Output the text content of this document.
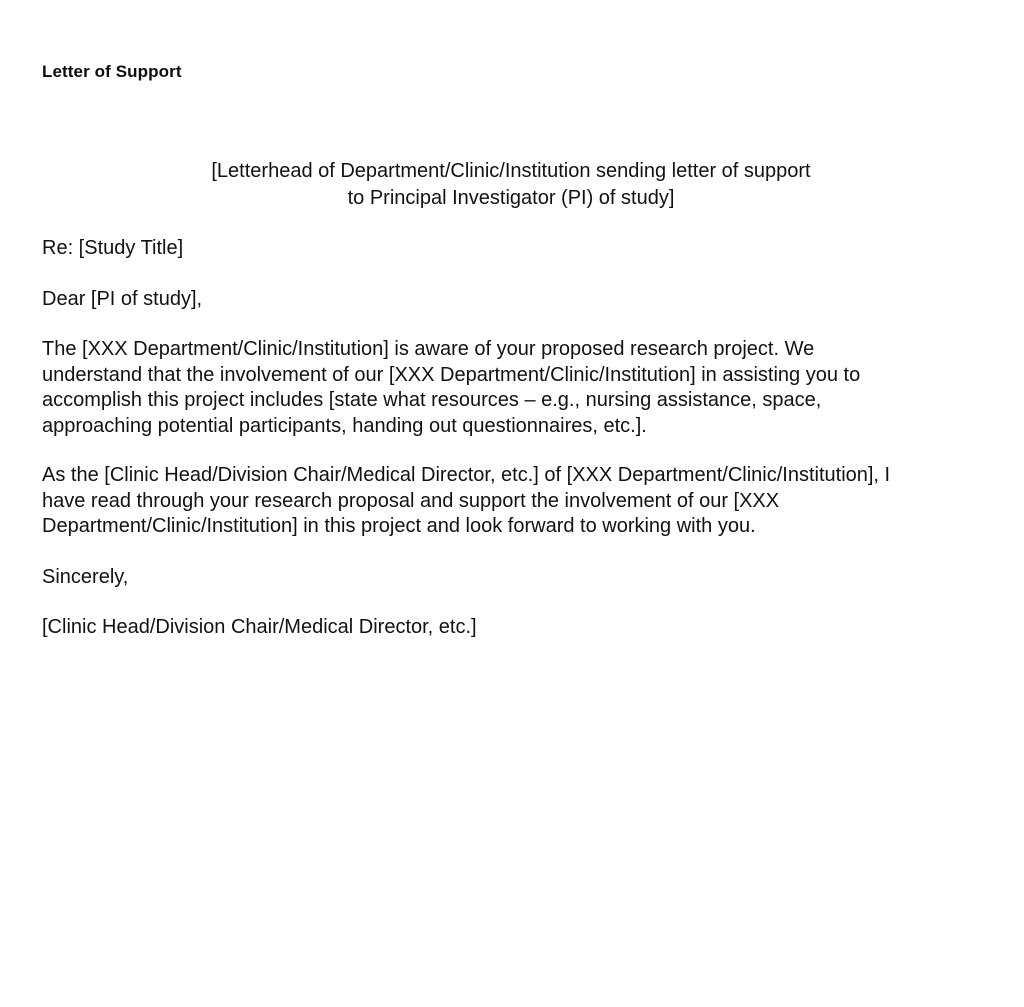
Letter of Support
[Letterhead of Department/Clinic/Institution sending letter of support
to Principal Investigator (PI) of study]
Re: [Study Title]
Dear [PI of study],
The [XXX Department/Clinic/Institution] is aware of your proposed research project. We
understand that the involvement of our [XXX Department/Clinic/Institution] in assisting you to
accomplish this project includes [state what resources – e.g., nursing assistance, space,
approaching potential participants, handing out questionnaires, etc.].
As the [Clinic Head/Division Chair/Medical Director, etc.] of [XXX Department/Clinic/Institution], I
have read through your research proposal and support the involvement of our [XXX
Department/Clinic/Institution] in this project and look forward to working with you.
Sincerely,
[Clinic Head/Division Chair/Medical Director, etc.]
